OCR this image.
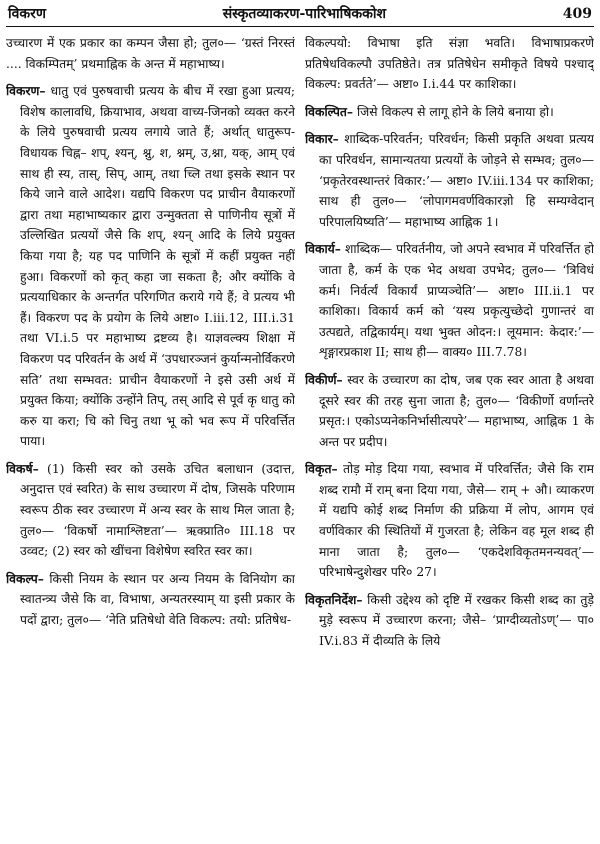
विकरण	संस्कृतव्याकरण-पारिभाषिककोश	409

उच्चारण में एक प्रकार का कम्पन जैसा हो; तुल०— ‘ग्रस्तं निरस्तं .... विकम्पितम्’ प्रथमाह्निक के अन्त में महाभाष्य।

विकरण– धातु एवं पुरुषवाची प्रत्यय के बीच में रखा हुआ प्रत्यय; विशेष कालावधि, क्रियाभाव, अथवा वाच्य-जिनको व्यक्त करने के लिये पुरुषवाची प्रत्यय लगाये जाते हैं; अर्थात् धातुरूप-विधायक चिह्न– शप्, श्यन्, श्नु, श, श्नम्, उ,श्ना, यक्, आम् एवं साथ ही स्य, तास्, सिप्, आम्, तथा च्लि तथा इसके स्थान पर किये जाने वाले आदेश। यद्यपि विकरण पद प्राचीन वैयाकरणों द्वारा तथा महाभाष्यकार द्वारा उन्मुक्तता से पाणिनीय सूत्रों में उल्लिखित प्रत्ययों जैसे कि शप्, श्यन् आदि के लिये प्रयुक्त किया गया है; यह पद पाणिनि के सूत्रों में कहीं प्रयुक्त नहीं हुआ। विकरणों को कृत् कहा जा सकता है; और क्योंकि वे प्रत्ययाधिकार के अन्तर्गत परिगणित कराये गये हैं; वे प्रत्यय भी हैं। विकरण पद के प्रयोग के लिये अष्टा० I.iii.12, III.i.31 तथा VI.i.5 पर महाभाष्य द्रष्टव्य है। याज्ञवल्क्य शिक्षा में विकरण पद परिवर्तन के अर्थ में ‘उपधारञ्जनं कुर्यान्मनोर्विकरणे सति’ तथा सम्भवत: प्राचीन वैयाकरणों ने इसे उसी अर्थ में प्रयुक्त किया; क्योंकि उन्होंने तिप्, तस् आदि से पूर्व कृ धातु को करु या करा; चि को चिनु तथा भू को भव रूप में परिवर्त्तित पाया।

विकर्ष– (1) किसी स्वर को उसके उचित बलाधान (उदात्त, अनुदात्त एवं स्वरित) के साथ उच्चारण में दोष, जिसके परिणाम स्वरूप ठीक स्वर उच्चारण में अन्य स्वर के साथ मिल जाता है; तुल०— ‘विकर्षो नामाश्लिष्टता’— ऋक्प्राति० III.18 पर उव्वट; (2) स्वर को खींचना विशेषेण स्वरित स्वर का।

विकल्प– किसी नियम के स्थान पर अन्य नियम के विनियोग का स्वातन्त्र्य जैसे कि वा, विभाषा, अन्यतरस्याम् या इसी प्रकार के पदों द्वारा; तुल०— ‘नेति प्रतिषेधो वेति विकल्प: तयो: प्रतिषेध-

विकल्पयो: विभाषा इति संज्ञा भवति। विभाषाप्रकरणे प्रतिषेधविकल्पौ उपतिष्ठेते। तत्र प्रतिषेधेन समीकृते विषये पश्चाद् विकल्प: प्रवर्तते’— अष्टा० I.i.44 पर काशिका।

विकल्पित– जिसे विकल्प से लागू होने के लिये बनाया हो।

विकार– शाब्दिक-परिवर्तन; परिवर्धन; किसी प्रकृति अथवा प्रत्यय का परिवर्धन, सामान्यतया प्रत्ययों के जोड़ने से सम्भव; तुल०— ‘प्रकृतेरवस्थान्तरं विकार:’— अष्टा० IV.iii.134 पर काशिका; साथ ही तुल०— ‘लोपागमवर्णविकारज्ञो हि सम्यग्वेदान् परिपालयिष्यति’— महाभाष्य आह्निक 1।

विकार्य– शाब्दिक— परिवर्तनीय, जो अपने स्वभाव में परिवर्त्तित हो जाता है, कर्म के एक भेद अथवा उपभेद; तुल०— ‘त्रिविधं कर्म। निर्वर्त्यं विकार्यं प्राप्यञ्चेति’— अष्टा० III.ii.1 पर काशिका। विकार्य कर्म को ‘यस्य प्रकृत्युच्छेदो गुणान्तरं वा उत्पद्यते, तद्विकार्यम्। यथा भुक्त ओदन:। लूयमान: केदार:’— शृङ्गारप्रकाश II; साथ ही— वाक्य० III.7.78।

विकीर्ण– स्वर के उच्चारण का दोष, जब एक स्वर आता है अथवा दूसरे स्वर की तरह सुना जाता है; तुल०— ‘विकीर्णो वर्णान्तरे प्रसृत:। एकोऽप्यनेकनिर्भासीत्यपरे’— महाभाष्य, आह्निक 1 के अन्त पर प्रदीप।

विकृत– तोड़ मोड़ दिया गया, स्वभाव में परिवर्त्तित; जैसे कि राम शब्द रामौ में राम् बना दिया गया, जैसे— राम् + औ। व्याकरण में यद्यपि कोई शब्द निर्माण की प्रक्रिया में लोप, आगम एवं वर्णविकार की स्थितियों में गुजरता है; लेकिन वह मूल शब्द ही माना जाता है; तुल०— ‘एकदेशविकृतमनन्यवत्’— परिभाषेन्दुशेखर परि० 27।

विकृतनिर्देश– किसी उद्देश्य को दृष्टि में रखकर किसी शब्द का तुड़े मुड़े स्वरूप में उच्चारण करना; जैसे– ‘प्राग्दीव्यतोऽण्’— पा० IV.i.83 में दीव्यति के लिये
